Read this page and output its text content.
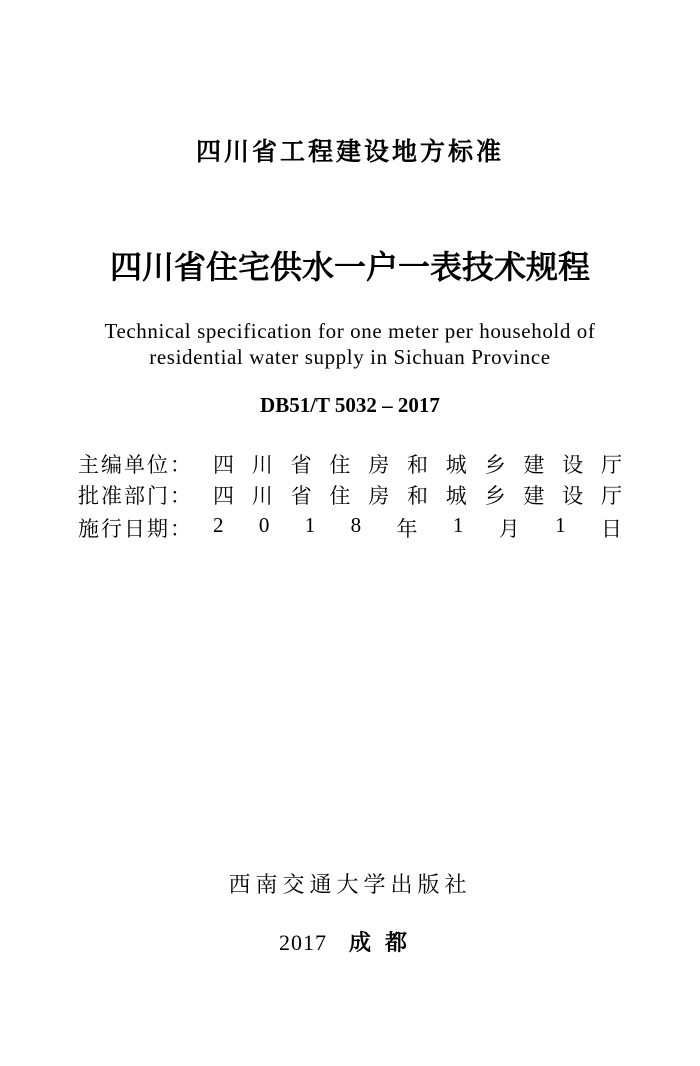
四川省工程建设地方标准
四川省住宅供水一户一表技术规程
Technical specification for one meter per household of
residential water supply in Sichuan Province
DB51/T 5032 – 2017
主编单位： 四 川 省 住 房 和 城 乡 建 设 厅
批准部门： 四 川 省 住 房 和 城 乡 建 设 厅
施行日期： 2 0 1 8 年 1 月 1 日
西南交通大学出版社
2017 成都
